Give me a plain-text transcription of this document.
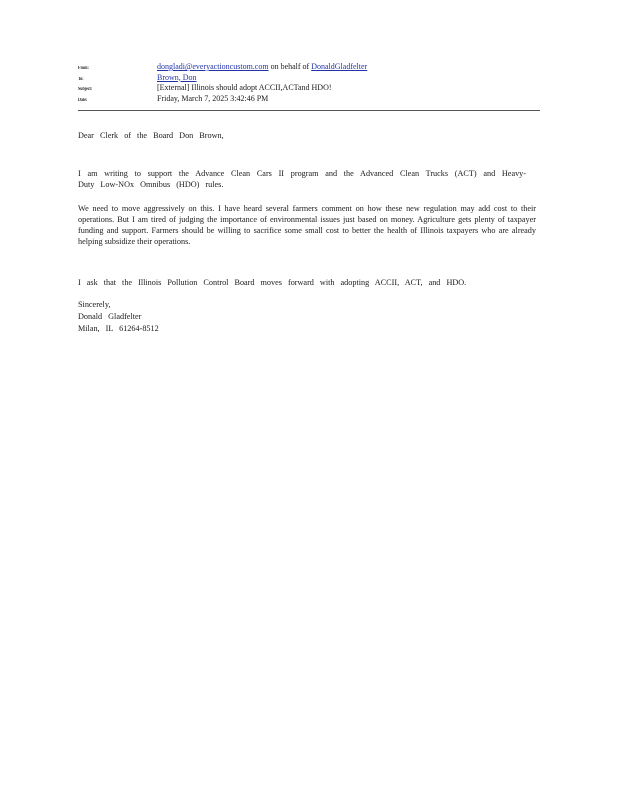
From:	dongladi@everyactioncustom.com on behalf of DonaldGladfelter
To:	Brown, Don
Subject:	[External] Illinois should adopt ACCII,ACTand HDO!
Date:	Friday, March 7, 2025 3:42:46 PM

Dear Clerk of the Board Don Brown,

I am writing to support the Advance Clean Cars II program and the Advanced Clean Trucks (ACT) and Heavy-Duty Low-NOx Omnibus (HDO) rules.

We need to move aggressively on this. I have heard several farmers comment on how these new regulation may add cost to their operations. But I am tired of judging the importance of environmental issues just based on money. Agriculture gets plenty of taxpayer funding and support. Farmers should be willing to sacrifice some small cost to better the health of Illinois taxpayers who are already helping subsidize their operations.

I ask that the Illinois Pollution Control Board moves forward with adopting ACCII, ACT, and HDO.

Sincerely,
Donald Gladfelter
Milan, IL 61264-8512
